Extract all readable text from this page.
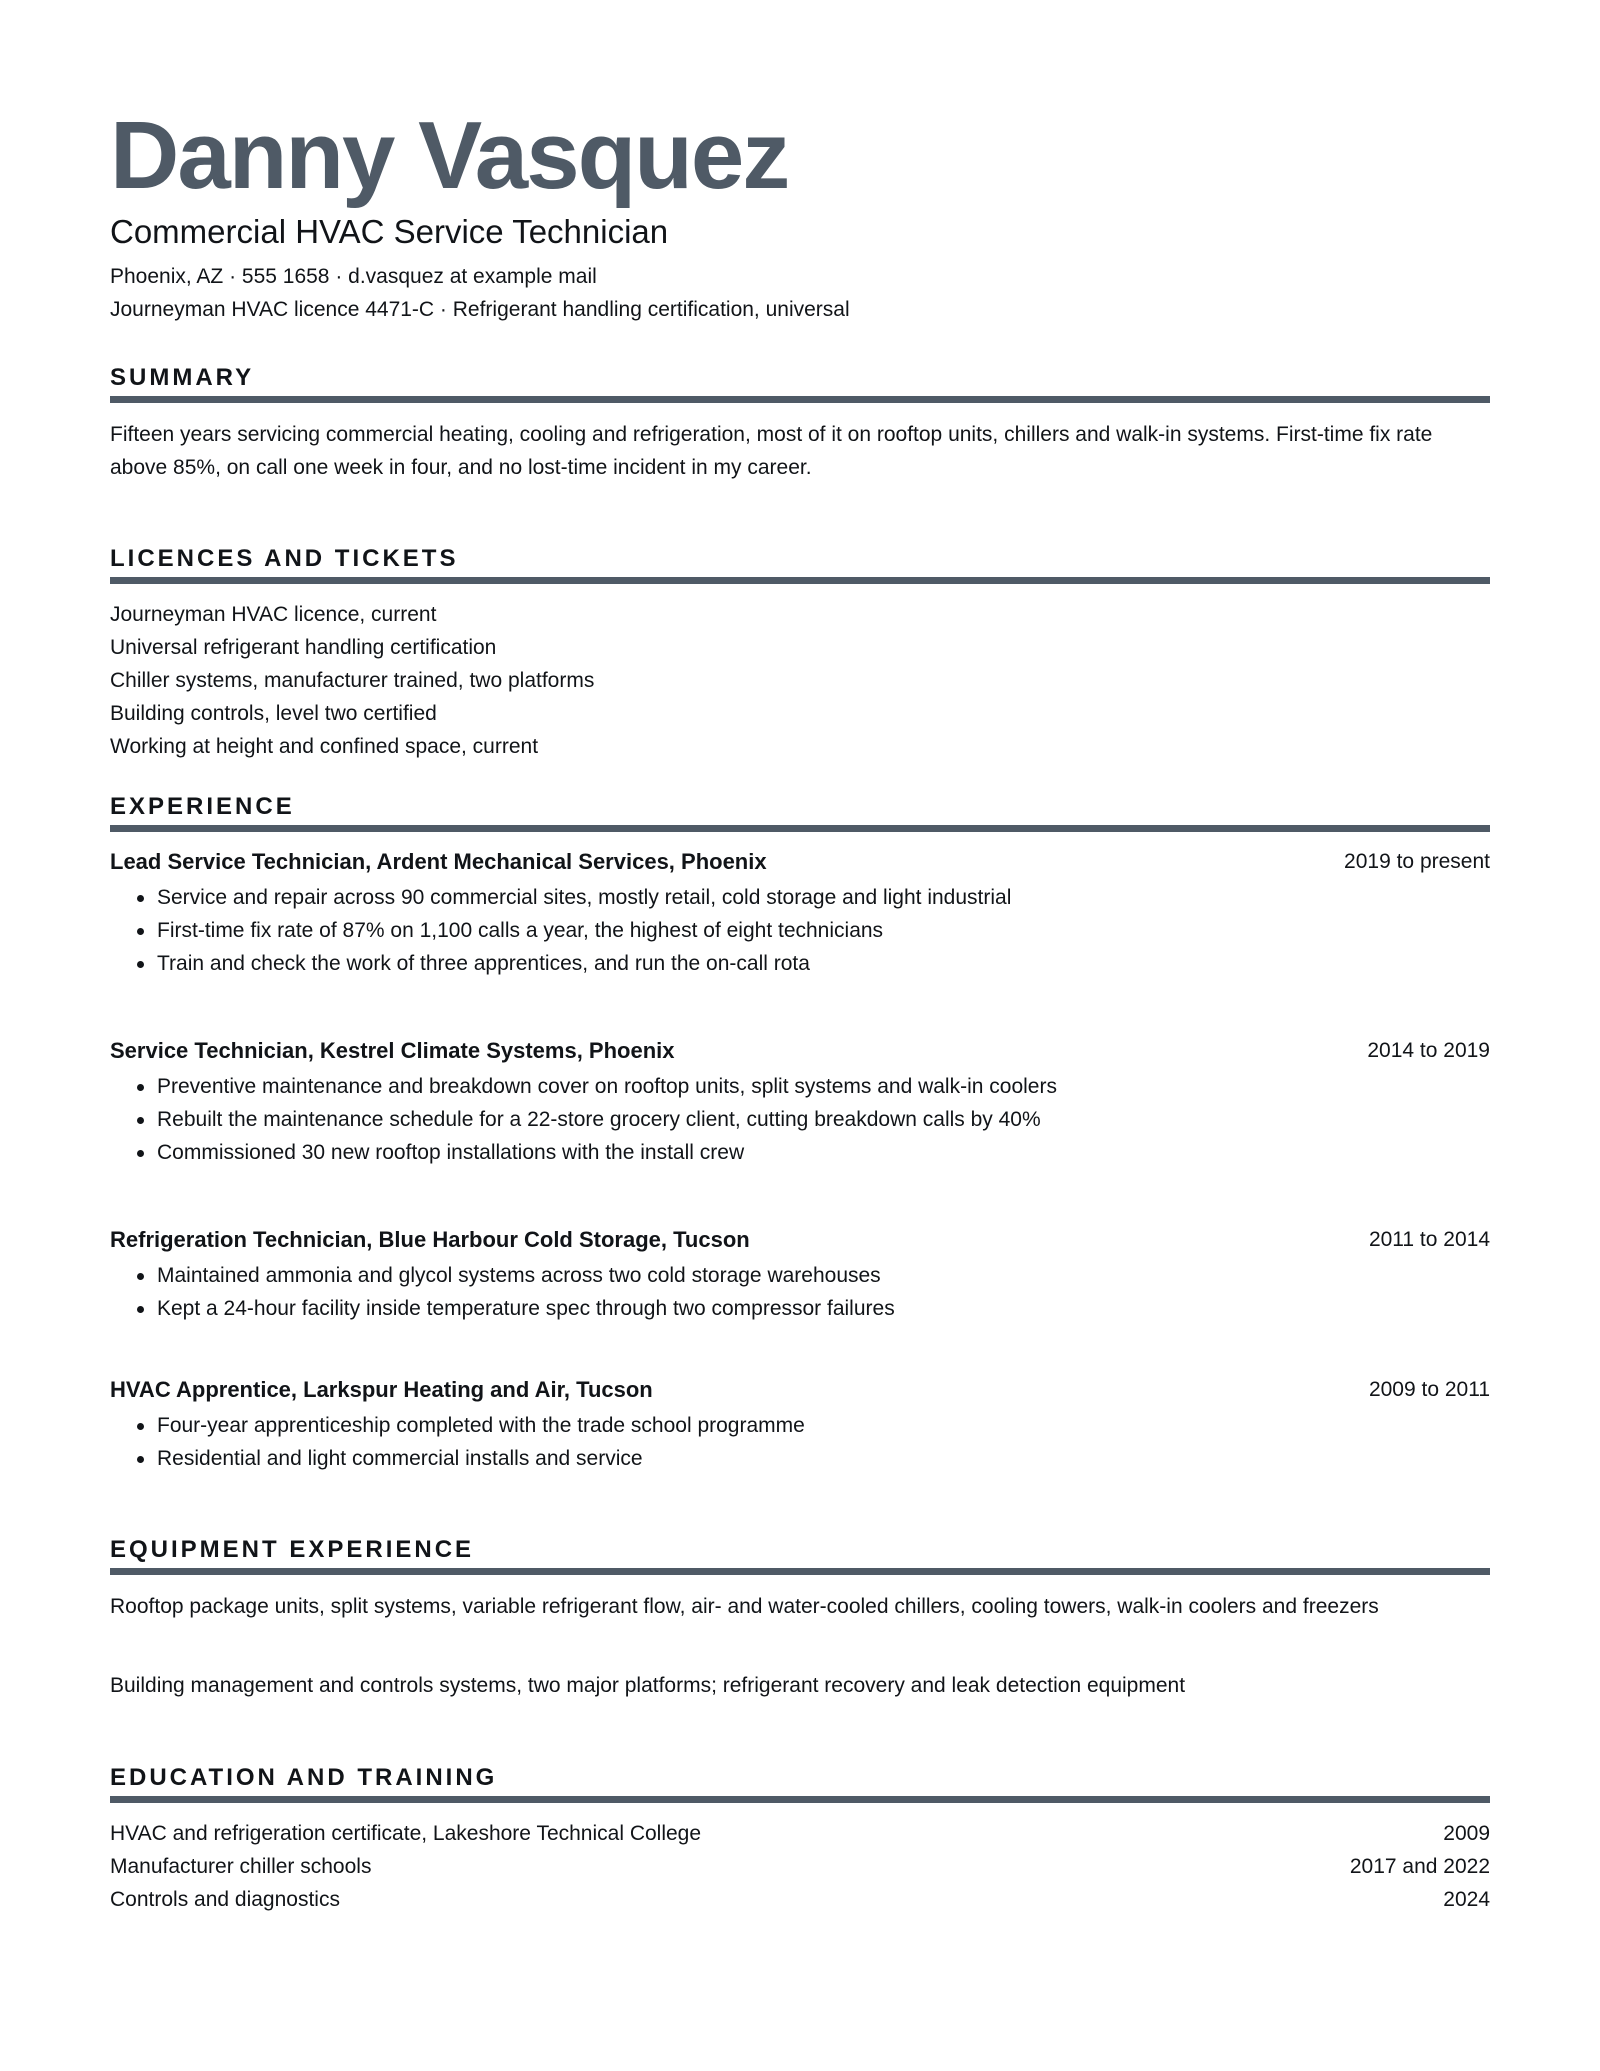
Danny Vasquez
Commercial HVAC Service Technician
Phoenix, AZ · 555 1658 · d.vasquez at example mail
Journeyman HVAC licence 4471-C · Refrigerant handling certification, universal
SUMMARY
Fifteen years servicing commercial heating, cooling and refrigeration, most of it on rooftop units, chillers and walk-in systems. First-time fix rate above 85%, on call one week in four, and no lost-time incident in my career.
LICENCES AND TICKETS
Journeyman HVAC licence, current
Universal refrigerant handling certification
Chiller systems, manufacturer trained, two platforms
Building controls, level two certified
Working at height and confined space, current
EXPERIENCE
Lead Service Technician, Ardent Mechanical Services, Phoenix	2019 to present
Service and repair across 90 commercial sites, mostly retail, cold storage and light industrial
First-time fix rate of 87% on 1,100 calls a year, the highest of eight technicians
Train and check the work of three apprentices, and run the on-call rota
Service Technician, Kestrel Climate Systems, Phoenix	2014 to 2019
Preventive maintenance and breakdown cover on rooftop units, split systems and walk-in coolers
Rebuilt the maintenance schedule for a 22-store grocery client, cutting breakdown calls by 40%
Commissioned 30 new rooftop installations with the install crew
Refrigeration Technician, Blue Harbour Cold Storage, Tucson	2011 to 2014
Maintained ammonia and glycol systems across two cold storage warehouses
Kept a 24-hour facility inside temperature spec through two compressor failures
HVAC Apprentice, Larkspur Heating and Air, Tucson	2009 to 2011
Four-year apprenticeship completed with the trade school programme
Residential and light commercial installs and service
EQUIPMENT EXPERIENCE
Rooftop package units, split systems, variable refrigerant flow, air- and water-cooled chillers, cooling towers, walk-in coolers and freezers
Building management and controls systems, two major platforms; refrigerant recovery and leak detection equipment
EDUCATION AND TRAINING
HVAC and refrigeration certificate, Lakeshore Technical College	2009
Manufacturer chiller schools	2017 and 2022
Controls and diagnostics	2024
